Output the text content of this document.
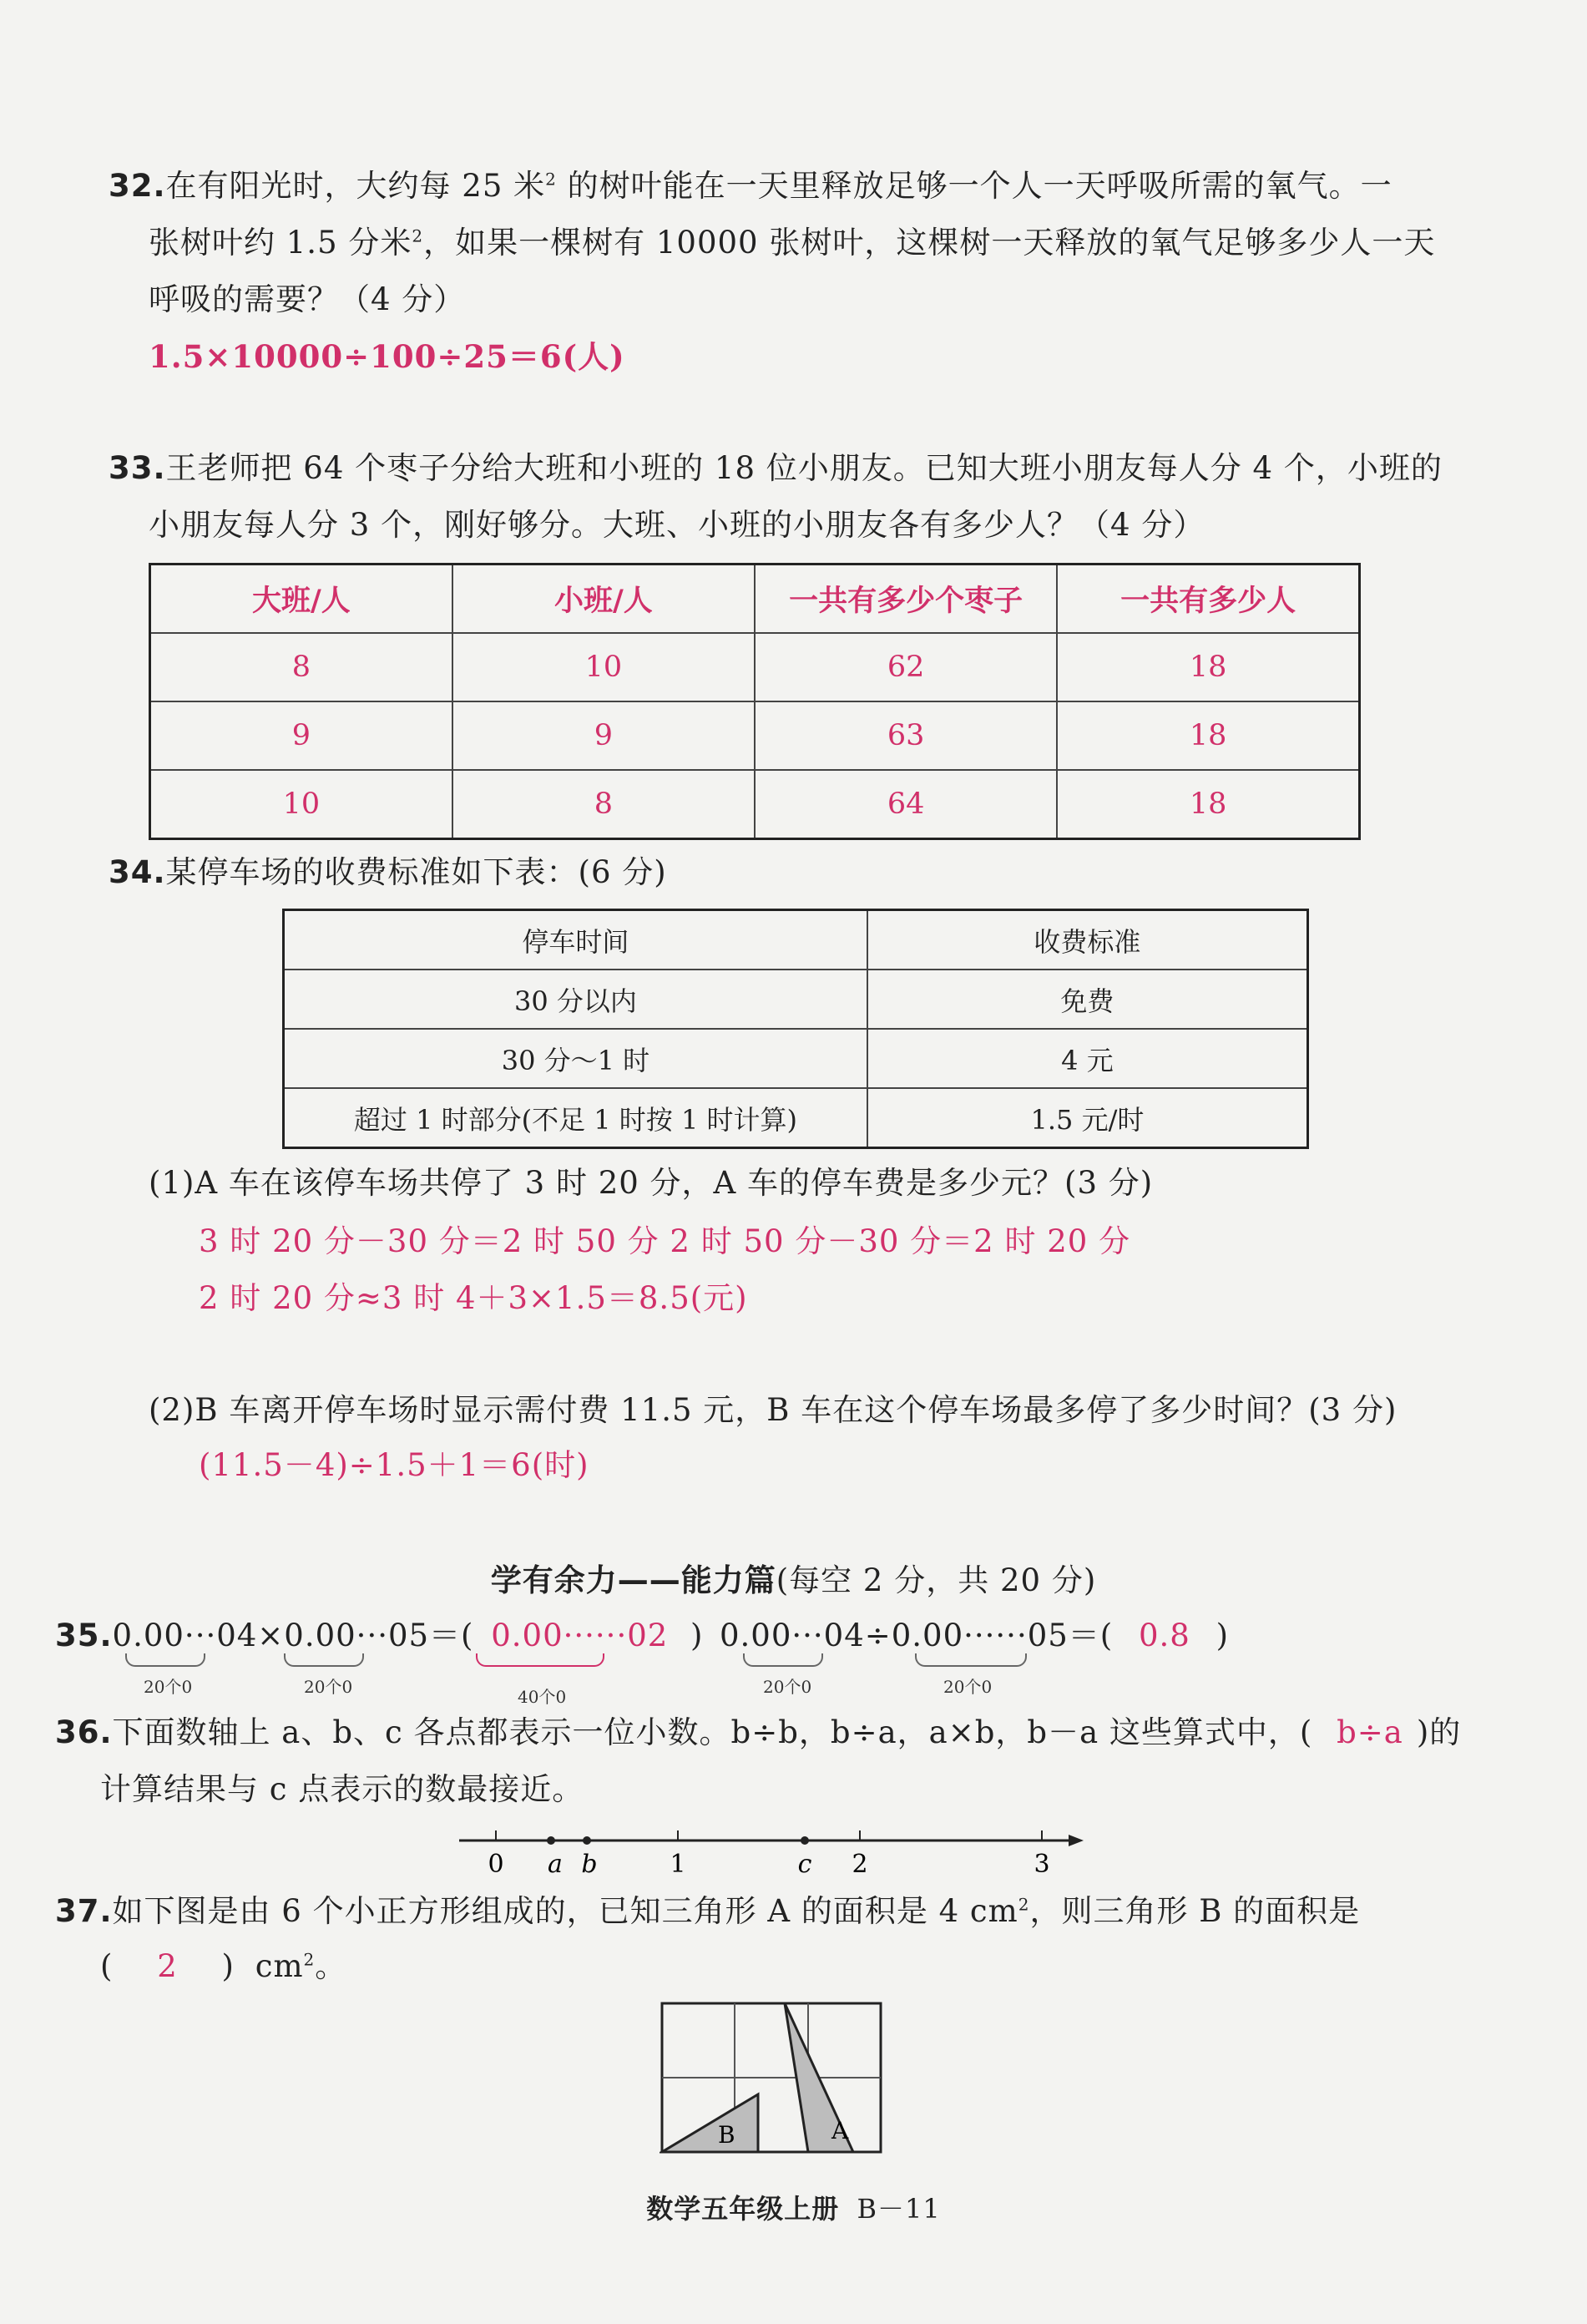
32.在有阳光时，大约每 25 米$^2$ 的树叶能在一天里释放足够一个人一天呼吸所需的氧气。一
张树叶约 1.5 分米$^2$，如果一棵树有 10000 张树叶，这棵树一天释放的氧气足够多少人一天
呼吸的需要？（4 分）
1.5×10000÷100÷25＝6(人)
33.王老师把 64 个枣子分给大班和小班的 18 位小朋友。已知大班小朋友每人分 4 个，小班的
小朋友每人分 3 个，刚好够分。大班、小班的小朋友各有多少人？（4 分）
大班/人	小班/人	一共有多少个枣子	一共有多少人
8	10	62	18
9	9	63	18
10	8	64	18
34.某停车场的收费标准如下表：(6 分)
停车时间	收费标准
30 分以内	免费
30 分～1 时	4 元
超过 1 时部分(不足 1 时按 1 时计算)	1.5 元/时
(1)A 车在该停车场共停了 3 时 20 分，A 车的停车费是多少元？(3 分)
3 时 20 分－30 分＝2 时 50 分 2 时 50 分－30 分＝2 时 20 分
2 时 20 分≈3 时 4＋3×1.5＝8.5(元)
(2)B 车离开停车场时显示需付费 11.5 元，B 车在这个停车场最多停了多少时间？(3 分)
(11.5－4)÷1.5＋1＝6(时)
学有余力——能力篇(每空 2 分，共 20 分)
35.0.00···04×0.00···05＝( 0.00······02 ) 0.00···04÷0.00······05＝( 0.8 )
20个0	20个0	40个0	20个0	20个0
36.下面数轴上 a、b、c 各点都表示一位小数。b÷b，b÷a，a×b，b－a 这些算式中，( b÷a )的
计算结果与 c 点表示的数最接近。
0 a b	1	c 2	3
37.如下图是由 6 个小正方形组成的，已知三角形 A 的面积是 4 $cm^2$，则三角形 B 的面积是
( 2 ) $cm^2$。
B	A
数学五年级上册 B－11
